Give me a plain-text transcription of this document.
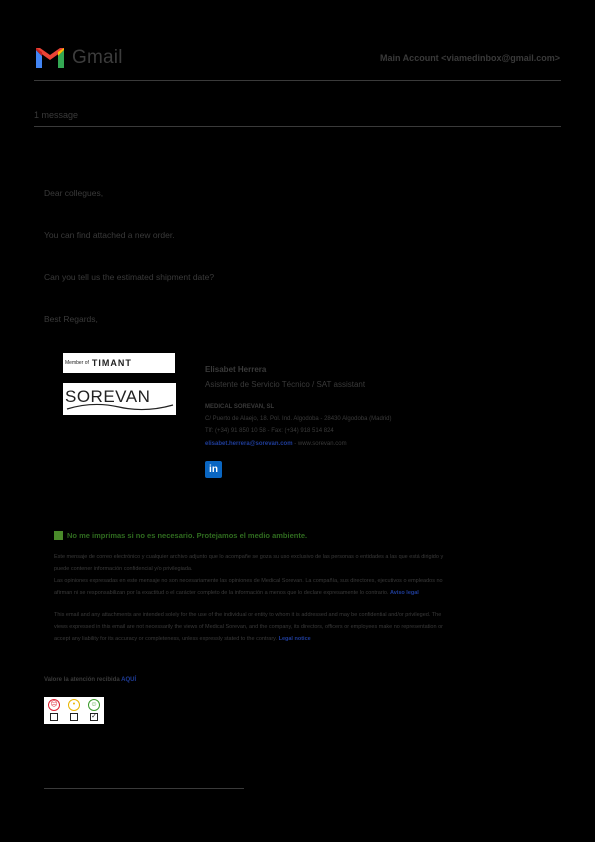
Gmail	Main Account <viamedinbox@gmail.com>
1 message
Dear collegues,
You can find attached a new order.
Can you tell us the estimated shipment date?
Best Regards,
Member of TIMANT
SOREVAN
Elisabet Herrera
Asistente de Servicio Técnico / SAT assistant
MEDICAL SOREVAN, SL
C/ Puerto de Alaejo, 18. Pol. Ind. Algodoba - 28430 Algodoba (Madrid)
Tlf: (+34) 91 850 10 58 - Fax: (+34) 918 514 824
elisabet.herrera@sorevan.com - www.sorevan.com
in
No me imprimas si no es necesario. Protejamos el medio ambiente.
Este mensaje de correo electrónico y cualquier archivo adjunto que lo acompañe se goza su uso exclusivo de las personas o entidades a las que está dirigido y
puede contener información confidencial y/o privilegiada.
Las opiniones expresadas en este mensaje no son necesariamente las opiniones de Medical Sorevan. La compañía, sus directores, ejecutivos o empleados no
afirman ni se responsabilizan por la exactitud o el carácter completo de la información a menos que lo declare expresamente lo contrario. Aviso legal
This email and any attachments are intended solely for the use of the individual or entity to whom it is addressed and may be confidential and/or privileged. The
views expressed in this email are not necessarily the views of Medical Sorevan, and the company, its directors, officers or employees make no representation or
accept any liability for its accuracy or completeness, unless expressly stated to the contrary. Legal notice
Valore la atención recibida AQUÍ
☹	•	☺
✓
